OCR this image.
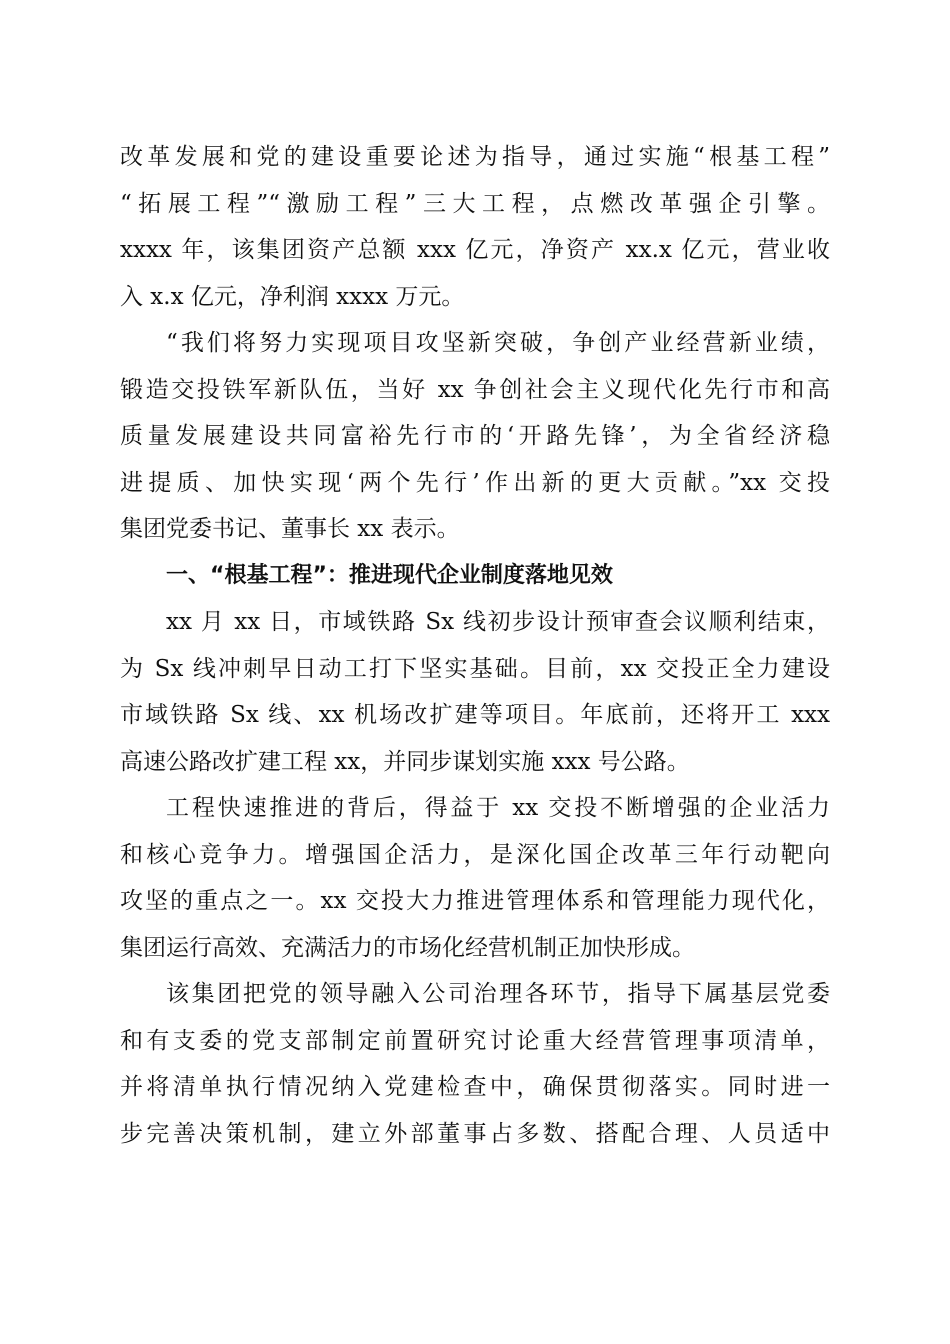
改革发展和党的建设重要论述为指导，通过实施“根基工程”
“拓展工程”“激励工程”三大工程，点燃改革强企引擎。
xxxx 年，该集团资产总额 xxx 亿元，净资产 xx.x 亿元，营业收
入 x.x 亿元，净利润 xxxx 万元。
“我们将努力实现项目攻坚新突破，争创产业经营新业绩，
锻造交投铁军新队伍，当好 xx 争创社会主义现代化先行市和高
质量发展建设共同富裕先行市的‘开路先锋’，为全省经济稳
进提质、加快实现‘两个先行’作出新的更大贡献。”xx 交投
集团党委书记、董事长 xx 表示。
一、“根基工程”：推进现代企业制度落地见效
xx 月 xx 日，市域铁路 Sx 线初步设计预审查会议顺利结束，
为 Sx 线冲刺早日动工打下坚实基础。目前，xx 交投正全力建设
市域铁路 Sx 线、xx 机场改扩建等项目。年底前，还将开工 xxx
高速公路改扩建工程 xx，并同步谋划实施 xxx 号公路。
工程快速推进的背后，得益于 xx 交投不断增强的企业活力
和核心竞争力。增强国企活力，是深化国企改革三年行动靶向
攻坚的重点之一。xx 交投大力推进管理体系和管理能力现代化，
集团运行高效、充满活力的市场化经营机制正加快形成。
该集团把党的领导融入公司治理各环节，指导下属基层党委
和有支委的党支部制定前置研究讨论重大经营管理事项清单，
并将清单执行情况纳入党建检查中，确保贯彻落实。同时进一
步完善决策机制，建立外部董事占多数、搭配合理、人员适中
